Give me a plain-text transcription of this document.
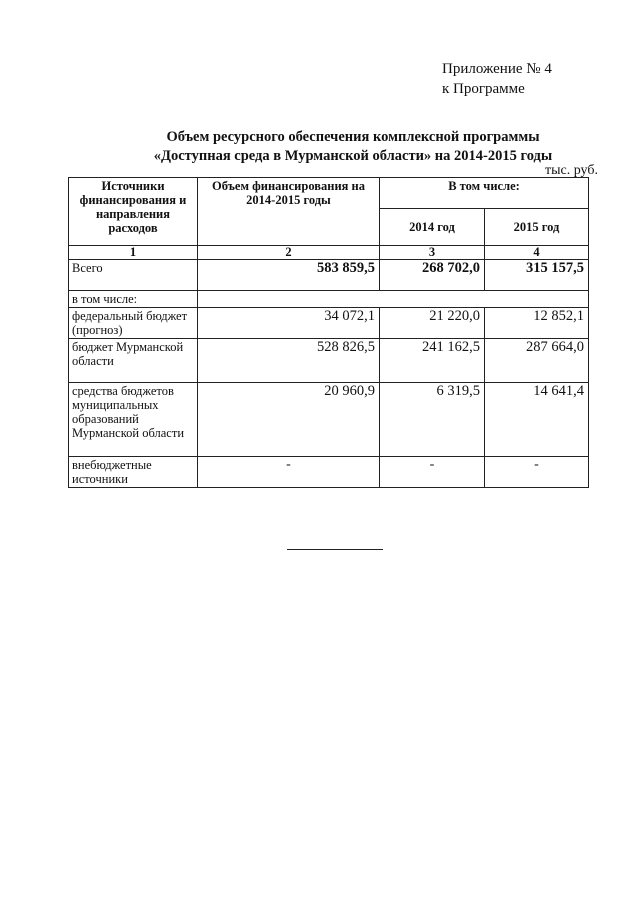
Приложение № 4
к Программе
Объем ресурсного обеспечения комплексной программы
«Доступная среда в Мурманской области» на 2014-2015 годы
тыс. руб.
Источники финансирования и направления расходов	Объем финансирования на 2014-2015 годы	В том числе:	
		2014 год	2015 год
1	2	3	4
Всего	583 859,5	268 702,0	315 157,5
в том числе:			
федеральный бюджет (прогноз)	34 072,1	21 220,0	12 852,1
бюджет Мурманской области	528 826,5	241 162,5	287 664,0
средства бюджетов муниципальных образований Мурманской области	20 960,9	6 319,5	14 641,4
внебюджетные источники	-	-	-
